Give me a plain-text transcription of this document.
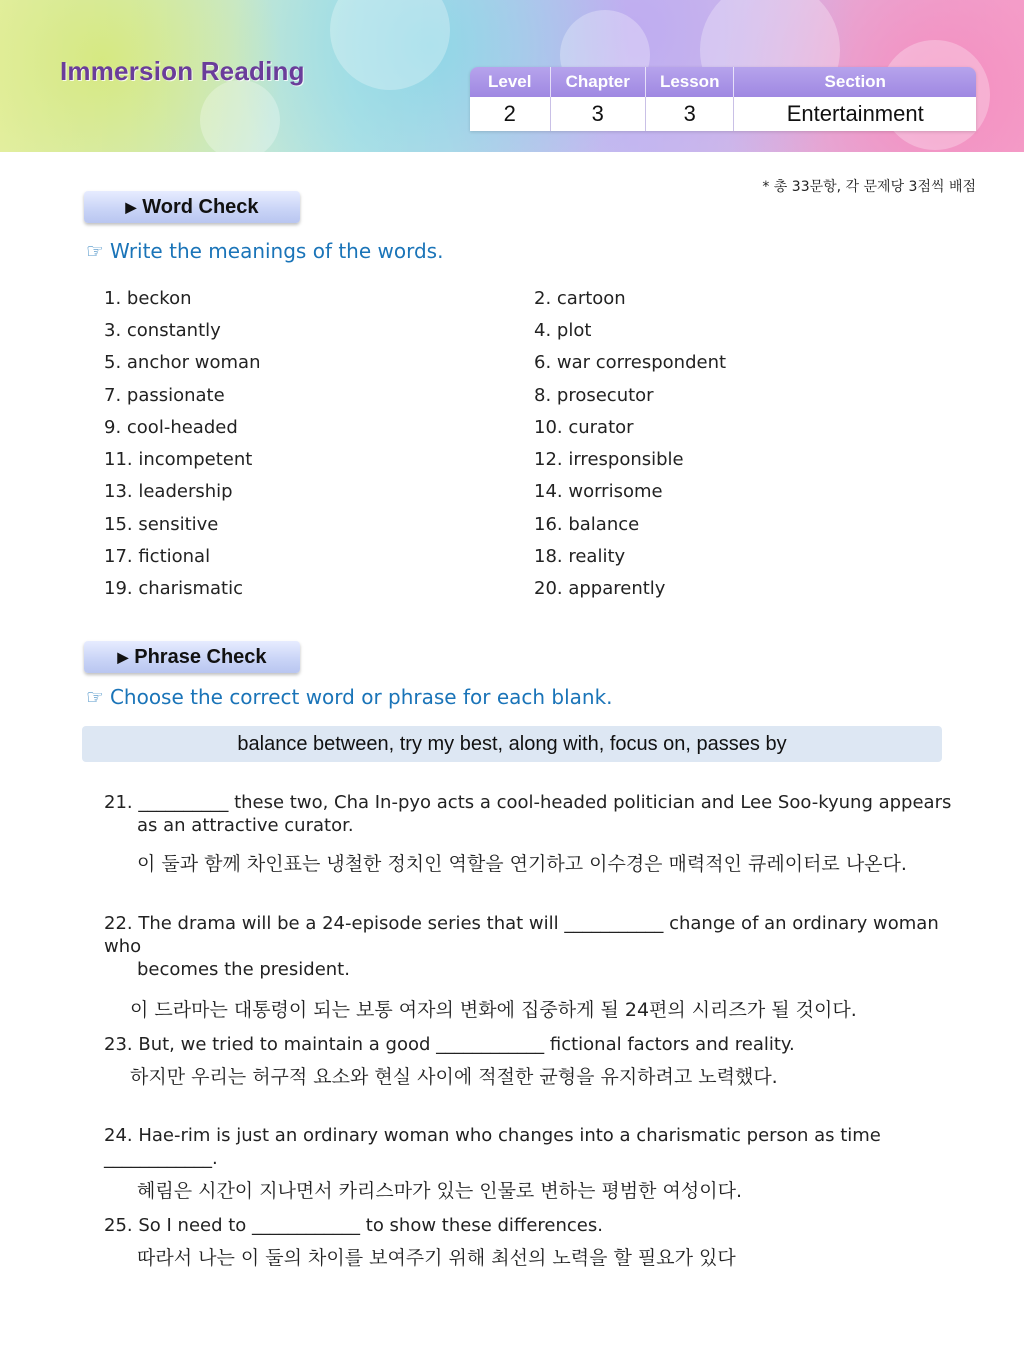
Immersion Reading	Level	Chapter	Lesson	Section
2	3	3	Entertainment
* 총 33문항, 각 문제당 3점씩 배점
▶ Word Check
☞ Write the meanings of the words.
1. beckon	2. cartoon
3. constantly	4. plot
5. anchor woman	6. war correspondent
7. passionate	8. prosecutor
9. cool-headed	10. curator
11. incompetent	12. irresponsible
13. leadership	14. worrisome
15. sensitive	16. balance
17. fictional	18. reality
19. charismatic	20. apparently
▶ Phrase Check
☞ Choose the correct word or phrase for each blank.
balance between, try my best, along with, focus on, passes by
21. __________ these two, Cha In-pyo acts a cool-headed politician and Lee Soo-kyung appears
as an attractive curator.
이 둘과 함께 차인표는 냉철한 정치인 역할을 연기하고 이수경은 매력적인 큐레이터로 나온다.
22. The drama will be a 24-episode series that will ___________ change of an ordinary woman who
becomes the president.
이 드라마는 대통령이 되는 보통 여자의 변화에 집중하게 될 24편의 시리즈가 될 것이다.
23. But, we tried to maintain a good ____________ fictional factors and reality.
하지만 우리는 허구적 요소와 현실 사이에 적절한 균형을 유지하려고 노력했다.
24. Hae-rim is just an ordinary woman who changes into a charismatic person as time ____________.
혜림은 시간이 지나면서 카리스마가 있는 인물로 변하는 평범한 여성이다.
25. So I need to ____________ to show these differences.
따라서 나는 이 둘의 차이를 보여주기 위해 최선의 노력을 할 필요가 있다
